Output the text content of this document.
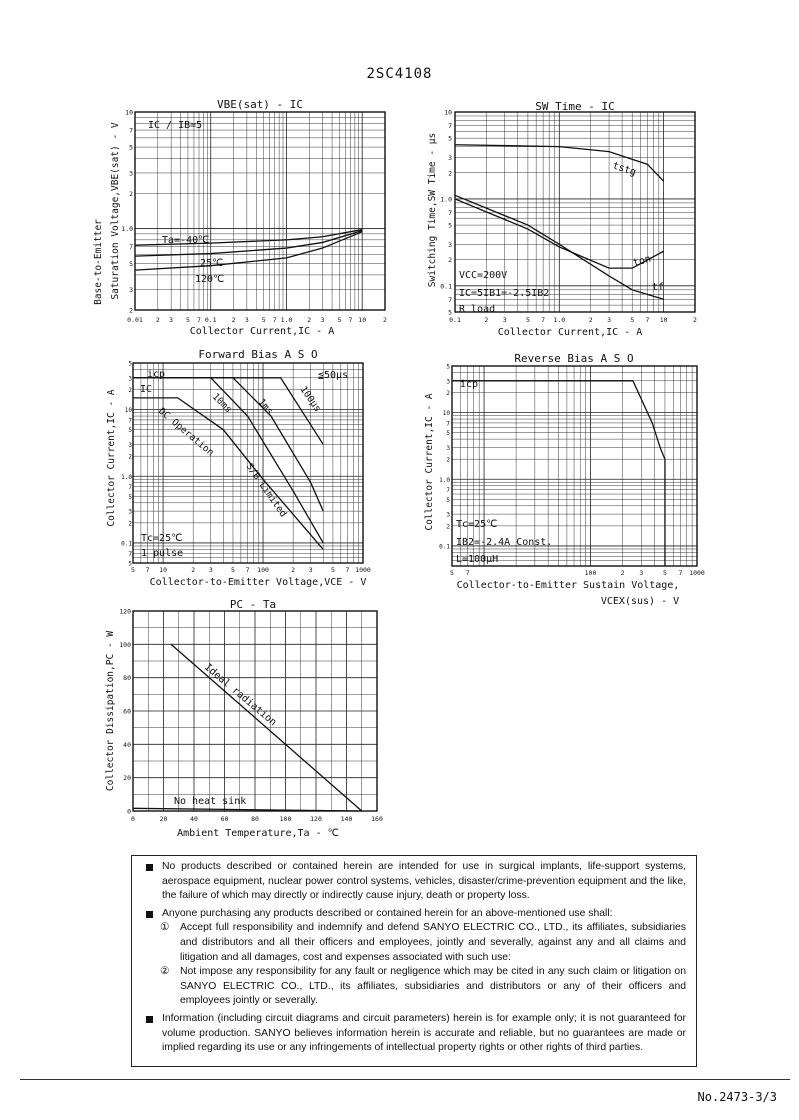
2SC4108
VBE(sat) - IC
0.01 2 3 5 7 0.1 2 3 5 7 1.0 2 3 5 7 10	2
10
7
5
3
2
1.0
7
5
3
2
Collector Current,IC - A
Base-to-Emitter Saturation Voltage,VBE(sat) - V	IC / IB=5
Ta=-40℃
25℃
120℃
SW Time - IC
0.1	2 3	5 7 1.0	2 3	5 7 10	2
10
7
5
3
2
1.0
7
5
3
2
0.1
7
5
Collector Current,IC - A
Switching Time,SW Time - μs VCC=200V
IC=5IB1=-2.5IB2
R load
tstg
ton
tf
Forward Bias A S O
5 7 10	2 3	5 7 100	2 3	5 7 1000
5
3
2
10
7
5
3
2
1.0
7
5
3
2
0.1
7
5
Collector-to-Emitter Voltage,VCE - V
Collector Current,IC - A
icp
IC
≦50μs
Tc=25℃
1 pulse
DC Operation
10ms 1ms 100μs
S/B Limited
Reverse Bias A S O
5 7	100	2 3	5 7 1000
5
3
2
10
7
5
3
2
1.0
7
5
3
2
0.1
Collector-to-Emitter Sustain Voltage,
VCEX(sus) - V
Collector Current,IC - A
icp
Tc=25℃
IB2=-2.4A Const.
L=100μH
PC - Ta
0	20	40	60	80	100	120	140	160
120
100
80
60
40
20
0
Ambient Temperature,Ta - ℃
Collector Dissipation,PC - W	Ideal radiation
No heat sink
No products described or contained herein are intended for use in surgical implants, life-support systems, aerospace equipment, nuclear power control systems, vehicles, disaster/crime-prevention equipment and the like, the failure of which may directly or indirectly cause injury, death or property loss.
Anyone purchasing any products described or contained herein for an above-mentioned use shall:
① Accept full responsibility and indemnify and defend SANYO ELECTRIC CO., LTD., its affiliates, subsidiaries and distributors and all their officers and employees, jointly and severally, against any and all claims and litigation and all damages, cost and expenses associated with such use:
② Not impose any responsibility for any fault or negligence which may be cited in any such claim or litigation on SANYO ELECTRIC CO., LTD., its affiliates, subsidiaries and distributors or any of their officers and employees jointly or severally.
Information (including circuit diagrams and circuit parameters) herein is for example only; it is not guaranteed for volume production. SANYO believes information herein is accurate and reliable, but no guarantees are made or implied regarding its use or any infringements of intellectual property rights or other rights of third parties.
No.2473-3/3
